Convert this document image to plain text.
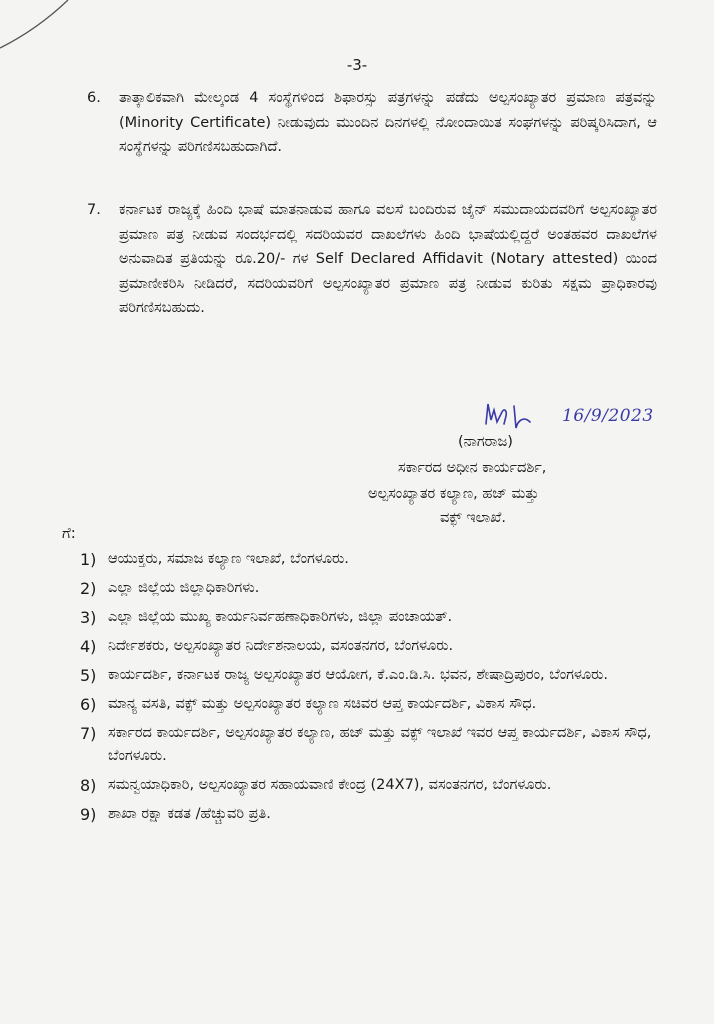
-3-
6. ತಾತ್ಕಾಲಿಕವಾಗಿ ಮೇಲ್ಕಂಡ 4 ಸಂಸ್ಥೆಗಳಿಂದ ಶಿಫಾರಸ್ಸು ಪತ್ರಗಳನ್ನು ಪಡೆದು ಅಲ್ಪಸಂಖ್ಯಾತರ ಪ್ರಮಾಣ ಪತ್ರವನ್ನು (Minority Certificate) ನೀಡುವುದು ಮುಂದಿನ ದಿನಗಳಲ್ಲಿ ನೋಂದಾಯಿತ ಸಂಘಗಳನ್ನು ಪರಿಷ್ಕರಿಸಿದಾಗ, ಆ ಸಂಸ್ಥೆಗಳನ್ನು ಪರಿಗಣಿಸಬಹುದಾಗಿದೆ.
7. ಕರ್ನಾಟಕ ರಾಜ್ಯಕ್ಕೆ ಹಿಂದಿ ಭಾಷೆ ಮಾತನಾಡುವ ಹಾಗೂ ವಲಸೆ ಬಂದಿರುವ ಜೈನ್ ಸಮುದಾಯದವರಿಗೆ ಅಲ್ಪಸಂಖ್ಯಾತರ ಪ್ರಮಾಣ ಪತ್ರ ನೀಡುವ ಸಂದರ್ಭದಲ್ಲಿ ಸದರಿಯವರ ದಾಖಲೆಗಳು ಹಿಂದಿ ಭಾಷೆಯಲ್ಲಿದ್ದರೆ ಅಂತಹವರ ದಾಖಲೆಗಳ ಅನುವಾದಿತ ಪ್ರತಿಯನ್ನು ರೂ.20/- ಗಳ Self Declared Affidavit (Notary attested) ಯಿಂದ ಪ್ರಮಾಣೀಕರಿಸಿ ನೀಡಿದರೆ, ಸದರಿಯವರಿಗೆ ಅಲ್ಪಸಂಖ್ಯಾತರ ಪ್ರಮಾಣ ಪತ್ರ ನೀಡುವ ಕುರಿತು ಸಕ್ಷಮ ಪ್ರಾಧಿಕಾರವು ಪರಿಗಣಿಸಬಹುದು.
16/9/2023
(ನಾಗರಾಜ)
ಸರ್ಕಾರದ ಅಧೀನ ಕಾರ್ಯದರ್ಶಿ,
ಅಲ್ಪಸಂಖ್ಯಾತರ ಕಲ್ಯಾಣ, ಹಜ್ ಮತ್ತು
ವಕ್ಫ್ ಇಲಾಖೆ.
ಗೆ:
1) ಆಯುಕ್ತರು, ಸಮಾಜ ಕಲ್ಯಾಣ ಇಲಾಖೆ, ಬೆಂಗಳೂರು.
2) ಎಲ್ಲಾ ಜಿಲ್ಲೆಯ ಜಿಲ್ಲಾಧಿಕಾರಿಗಳು.
3) ಎಲ್ಲಾ ಜಿಲ್ಲೆಯ ಮುಖ್ಯ ಕಾರ್ಯನಿರ್ವಹಣಾಧಿಕಾರಿಗಳು, ಜಿಲ್ಲಾ ಪಂಚಾಯತ್.
4) ನಿರ್ದೇಶಕರು, ಅಲ್ಪಸಂಖ್ಯಾತರ ನಿರ್ದೇಶನಾಲಯ, ವಸಂತನಗರ, ಬೆಂಗಳೂರು.
5) ಕಾರ್ಯದರ್ಶಿ, ಕರ್ನಾಟಕ ರಾಜ್ಯ ಅಲ್ಪಸಂಖ್ಯಾತರ ಆಯೋಗ, ಕೆ.ಎಂ.ಡಿ.ಸಿ. ಭವನ, ಶೇಷಾದ್ರಿಪುರಂ, ಬೆಂಗಳೂರು.
6) ಮಾನ್ಯ ವಸತಿ, ವಕ್ಫ್ ಮತ್ತು ಅಲ್ಪಸಂಖ್ಯಾತರ ಕಲ್ಯಾಣ ಸಚಿವರ ಆಪ್ತ ಕಾರ್ಯದರ್ಶಿ, ವಿಕಾಸ ಸೌಧ.
7) ಸರ್ಕಾರದ ಕಾರ್ಯದರ್ಶಿ, ಅಲ್ಪಸಂಖ್ಯಾತರ ಕಲ್ಯಾಣ, ಹಜ್ ಮತ್ತು ವಕ್ಫ್ ಇಲಾಖೆ ಇವರ ಆಪ್ತ ಕಾರ್ಯದರ್ಶಿ, ವಿಕಾಸ ಸೌಧ, ಬೆಂಗಳೂರು.
8) ಸಮನ್ವಯಾಧಿಕಾರಿ, ಅಲ್ಪಸಂಖ್ಯಾತರ ಸಹಾಯವಾಣಿ ಕೇಂದ್ರ (24X7), ವಸಂತನಗರ, ಬೆಂಗಳೂರು.
9) ಶಾಖಾ ರಕ್ಷಾ ಕಡತ /ಹೆಚ್ಚುವರಿ ಪ್ರತಿ.
